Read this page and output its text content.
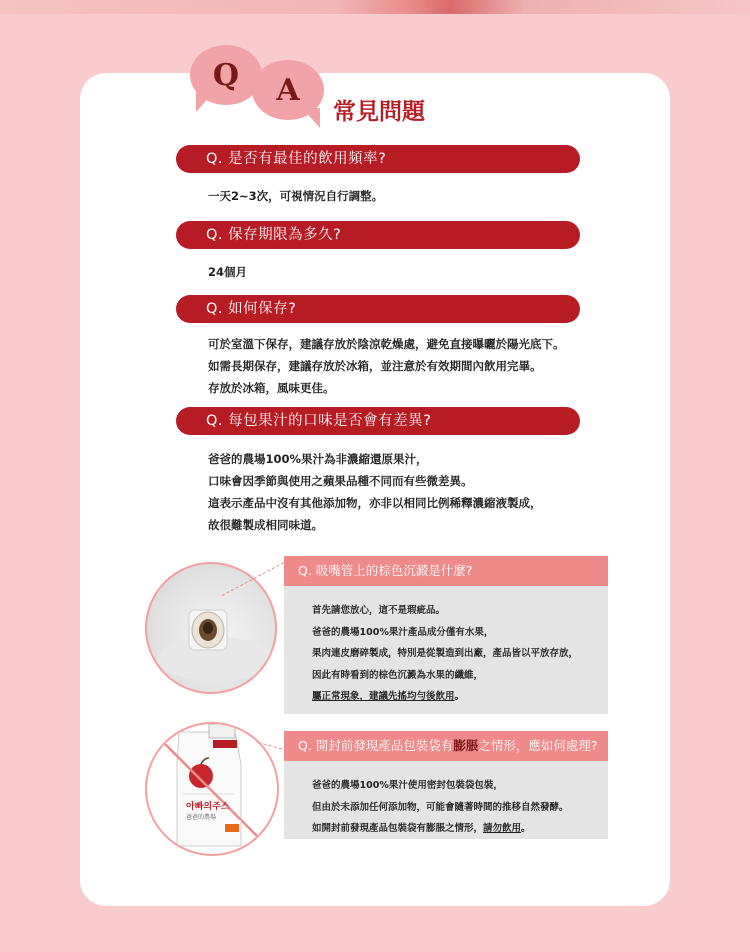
Q	A
常見問題
Q. 是否有最佳的飲用頻率?
一天2~3次，可視情況自行調整。
Q. 保存期限為多久?
24個月
Q. 如何保存?
可於室溫下保存，建議存放於陰涼乾燥處，避免直接曝曬於陽光底下。
如需長期保存，建議存放於冰箱，並注意於有效期間內飲用完畢。
存放於冰箱，風味更佳。
Q. 每包果汁的口味是否會有差異?
爸爸的農場100%果汁為非濃縮還原果汁，
口味會因季節與使用之蘋果品種不同而有些微差異。
這表示產品中沒有其他添加物，亦非以相同比例稀釋濃縮液製成，
故很難製成相同味道。
Q. 吸嘴管上的棕色沉澱是什麼?
首先請您放心，這不是瑕疵品。
爸爸的農場100%果汁產品成分僅有水果，
果肉連皮磨碎製成，特別是從製造到出廠，產品皆以平放存放，
因此有時看到的棕色沉澱為水果的纖維，
屬正常現象，建議先搖均勻後飲用。
아빠의주스
爸爸的農場
HACCP
Q. 開封前發現產品包裝袋有膨脹之情形，應如何處理?
爸爸的農場100%果汁使用密封包裝袋包裝，
但由於未添加任何添加物，可能會隨著時間的推移自然發酵。
如開封前發現產品包裝袋有膨脹之情形，請勿飲用。
